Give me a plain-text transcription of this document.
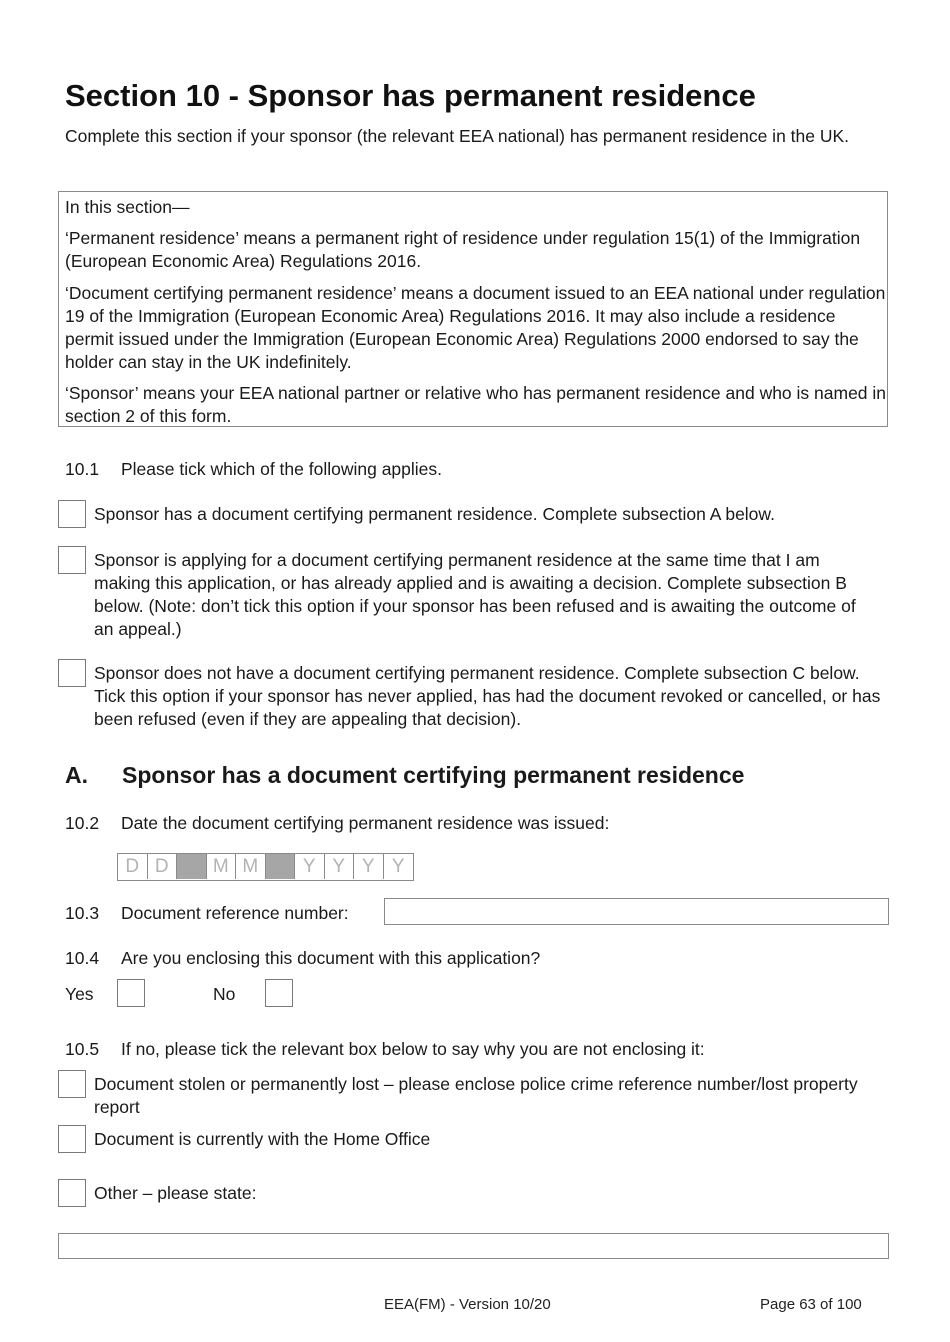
Section 10 - Sponsor has permanent residence
Complete this section if your sponsor (the relevant EEA national) has permanent residence in the UK.

In this section—

‘Permanent residence’ means a permanent right of residence under regulation 15(1) of the Immigration (European Economic Area) Regulations 2016.

‘Document certifying permanent residence’ means a document issued to an EEA national under regulation 19 of the Immigration (European Economic Area) Regulations 2016. It may also include a residence permit issued under the Immigration (European Economic Area) Regulations 2000 endorsed to say the holder can stay in the UK indefinitely.

‘Sponsor’ means your EEA national partner or relative who has permanent residence and who is named in section 2 of this form.

10.1 Please tick which of the following applies.
Sponsor has a document certifying permanent residence. Complete subsection A below.
Sponsor is applying for a document certifying permanent residence at the same time that I am making this application, or has already applied and is awaiting a decision. Complete subsection B below. (Note: don’t tick this option if your sponsor has been refused and is awaiting the outcome of an appeal.)
Sponsor does not have a document certifying permanent residence. Complete subsection C below. Tick this option if your sponsor has never applied, has had the document revoked or cancelled, or has been refused (even if they are appealing that decision).
A. Sponsor has a document certifying permanent residence
10.2 Date the document certifying permanent residence was issued:
D D	M M	Y Y Y Y
10.3 Document reference number:
10.4 Are you enclosing this document with this application?
Yes	No
10.5 If no, please tick the relevant box below to say why you are not enclosing it:
Document stolen or permanently lost – please enclose police crime reference number/lost property report
Document is currently with the Home Office
Other – please state:
EEA(FM) - Version 10/20	Page 63 of 100
